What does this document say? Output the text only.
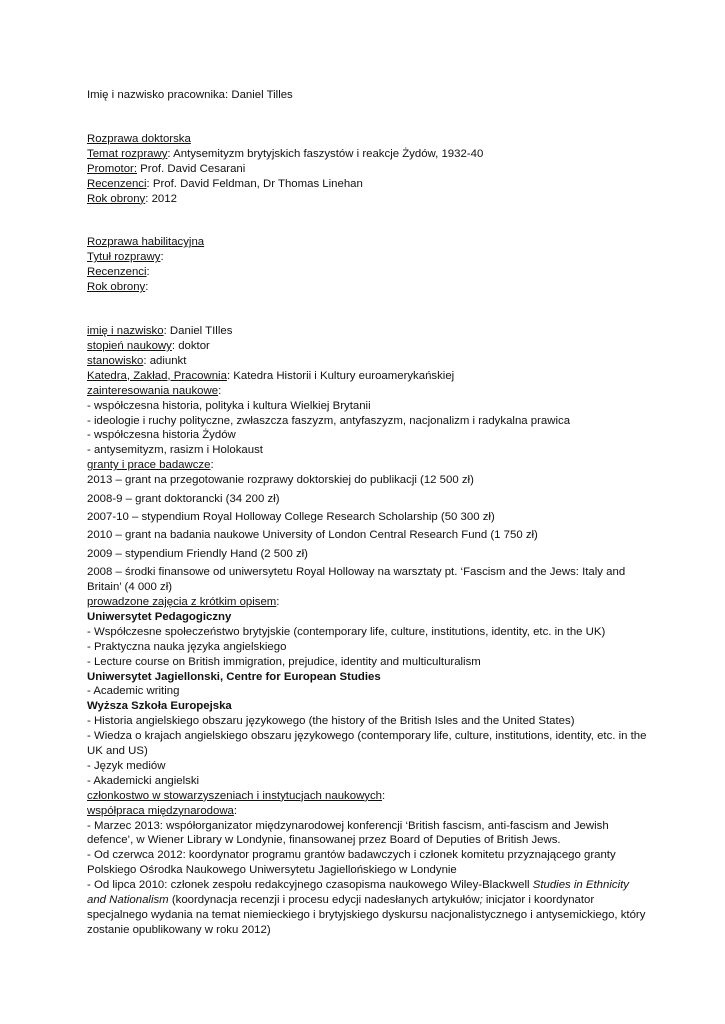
Imię i nazwisko pracownika: Daniel Tilles
Rozprawa doktorska
Temat rozprawy: Antysemityzm brytyjskich faszystów i reakcje Żydów, 1932-40
Promotor: Prof. David Cesarani
Recenzenci: Prof. David Feldman, Dr Thomas Linehan
Rok obrony: 2012
Rozprawa habilitacyjna
Tytuł rozprawy:
Recenzenci:
Rok obrony:
imię i nazwisko: Daniel TIlles
stopień naukowy: doktor
stanowisko: adiunkt
Katedra, Zakład, Pracownia: Katedra Historii i Kultury euroamerykańskiej
zainteresowania naukowe:
- współczesna historia, polityka i kultura Wielkiej Brytanii
- ideologie i ruchy polityczne, zwłaszcza faszyzm, antyfaszyzm, nacjonalizm i radykalna prawica
- współczesna historia Żydów
- antysemityzm, rasizm i Holokaust
granty i prace badawcze:
2013 – grant na przegotowanie rozprawy doktorskiej do publikacji (12 500 zł)
2008-9 – grant doktorancki (34 200 zł)
2007-10 – stypendium Royal Holloway College Research Scholarship (50 300 zł)
2010 – grant na badania naukowe University of London Central Research Fund (1 750 zł)
2009 – stypendium Friendly Hand (2 500 zł)
2008 – środki finansowe od uniwersytetu Royal Holloway na warsztaty pt. ‘Fascism and the Jews: Italy and Britain’ (4 000 zł)
prowadzone zajęcia z krótkim opisem:
Uniwersytet Pedagogiczny
- Współczesne społeczeństwo brytyjskie (contemporary life, culture, institutions, identity, etc. in the UK)
- Praktyczna nauka języka angielskiego
- Lecture course on British immigration, prejudice, identity and multiculturalism
Uniwersytet Jagiellonski, Centre for European Studies
- Academic writing
Wyższa Szkoła Europejska
- Historia angielskiego obszaru językowego (the history of the British Isles and the United States)
- Wiedza o krajach angielskiego obszaru językowego (contemporary life, culture, institutions, identity, etc. in the UK and US)
- Język mediów
- Akademicki angielski
członkostwo w stowarzyszeniach i instytucjach naukowych:
współpraca międzynarodowa:
- Marzec 2013: współorganizator międzynarodowej konferencji ‘British fascism, anti-fascism and Jewish defence’, w Wiener Library w Londynie, finansowanej przez Board of Deputies of British Jews.
- Od czerwca 2012: koordynator programu grantów badawczych i członek komitetu przyznającego granty Polskiego Ośrodka Naukowego Uniwersytetu Jagiellońskiego w Londynie
- Od lipca 2010: członek zespołu redakcyjnego czasopisma naukowego Wiley-Blackwell Studies in Ethnicity and Nationalism (koordynacja recenzji i procesu edycji nadesłanych artykułów; inicjator i koordynator specjalnego wydania na temat niemieckiego i brytyjskiego dyskursu nacjonalistycznego i antysemickiego, który zostanie opublikowany w roku 2012)
